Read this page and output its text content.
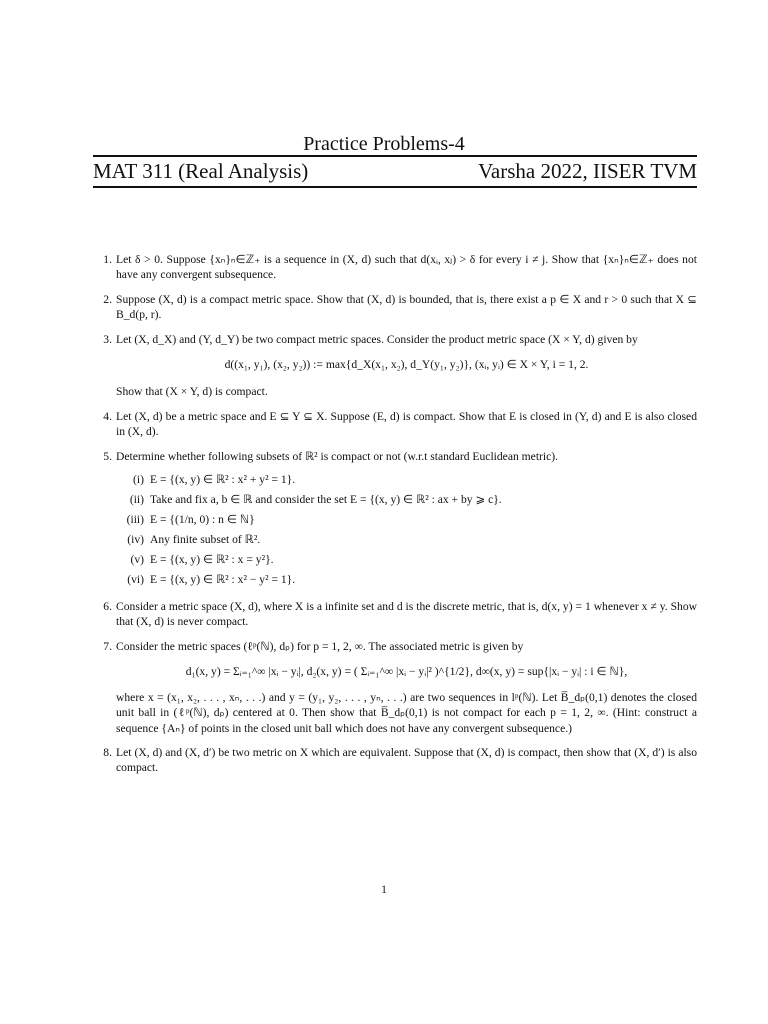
Practice Problems-4
MAT 311 (Real Analysis)	Varsha 2022, IISER TVM
1. Let δ > 0. Suppose {xₙ}ₙ∈ℤ₊ is a sequence in (X, d) such that d(xᵢ, xⱼ) > δ for every i ≠ j. Show that {xₙ}ₙ∈ℤ₊ does not have any convergent subsequence.
2. Suppose (X, d) is a compact metric space. Show that (X, d) is bounded, that is, there exist a p ∈ X and r > 0 such that X ⊆ B_d(p, r).
3. Let (X, d_X) and (Y, d_Y) be two compact metric spaces. Consider the product metric space (X × Y, d) given by
d((x₁, y₁), (x₂, y₂)) := max{d_X(x₁, x₂), d_Y(y₁, y₂)}, (xᵢ, yᵢ) ∈ X × Y, i = 1, 2.
Show that (X × Y, d) is compact.
4. Let (X, d) be a metric space and E ⊆ Y ⊆ X. Suppose (E, d) is compact. Show that E is closed in (Y, d) and E is also closed in (X, d).
5. Determine whether following subsets of ℝ² is compact or not (w.r.t standard Euclidean metric).
(i) E = {(x, y) ∈ ℝ² : x² + y² = 1}.
(ii) Take and fix a, b ∈ ℝ and consider the set E = {(x, y) ∈ ℝ² : ax + by ⩾ c}.
(iii) E = {(1/n, 0) : n ∈ ℕ}
(iv) Any finite subset of ℝ².
(v) E = {(x, y) ∈ ℝ² : x = y²}.
(vi) E = {(x, y) ∈ ℝ² : x² − y² = 1}.
6. Consider a metric space (X, d), where X is a infinite set and d is the discrete metric, that is, d(x, y) = 1 whenever x ≠ y. Show that (X, d) is never compact.
7. Consider the metric spaces (ℓᵖ(ℕ), dₚ) for p = 1, 2, ∞. The associated metric is given by
d₁(x, y) = Σᵢ₌₁^∞ |xᵢ − yᵢ|, d₂(x, y) = ( Σᵢ₌₁^∞ |xᵢ − yᵢ|² )^{1/2}, d∞(x, y) = sup{|xᵢ − yᵢ| : i ∈ ℕ},
where x = (x₁, x₂, . . . , xₙ, . . .) and y = (y₁, y₂, . . . , yₙ, . . .) are two sequences in lᵖ(ℕ). Let B̅_dₚ(0,1) denotes the closed unit ball in (ℓᵖ(ℕ), dₚ) centered at 0. Then show that B̅_dₚ(0,1) is not compact for each p = 1, 2, ∞. (Hint: construct a sequence {Aₙ} of points in the closed unit ball which does not have any convergent subsequence.)
8. Let (X, d) and (X, d′) be two metric on X which are equivalent. Suppose that (X, d) is compact, then show that (X, d′) is also compact.
1
